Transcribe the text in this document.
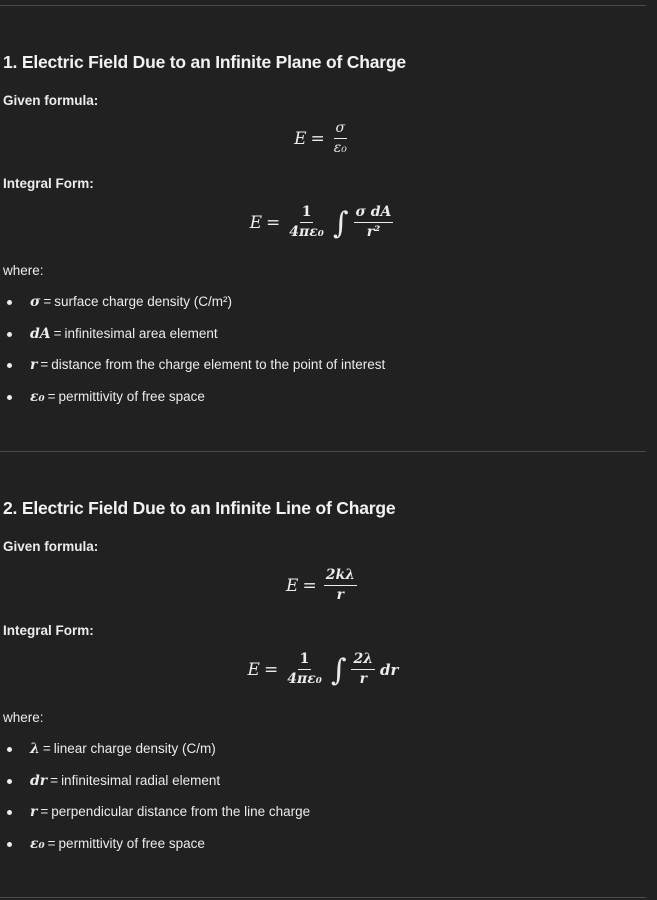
1. Electric Field Due to an Infinite Plane of Charge
Given formula:
$E = \frac{\sigma}{\text{ε₀}}$
Integral Form:
$E = \frac{1}{\text{4πε₀}}$ ∫ $\frac{\text{σ dA}}{\text{r²}}$
where:
σ = surface charge density (C/m²)
dA = infinitesimal area element
r = distance from the charge element to the point of interest
ε₀ = permittivity of free space
2. Electric Field Due to an Infinite Line of Charge
Given formula:
$E = \frac{2k\lambda}{r}$
Integral Form:
$E = \frac{1}{\text{4πε₀}}$ ∫ $\frac{2\lambda}{r}$ dr
where:
λ = linear charge density (C/m)
dr = infinitesimal radial element
r = perpendicular distance from the line charge
ε₀ = permittivity of free space
